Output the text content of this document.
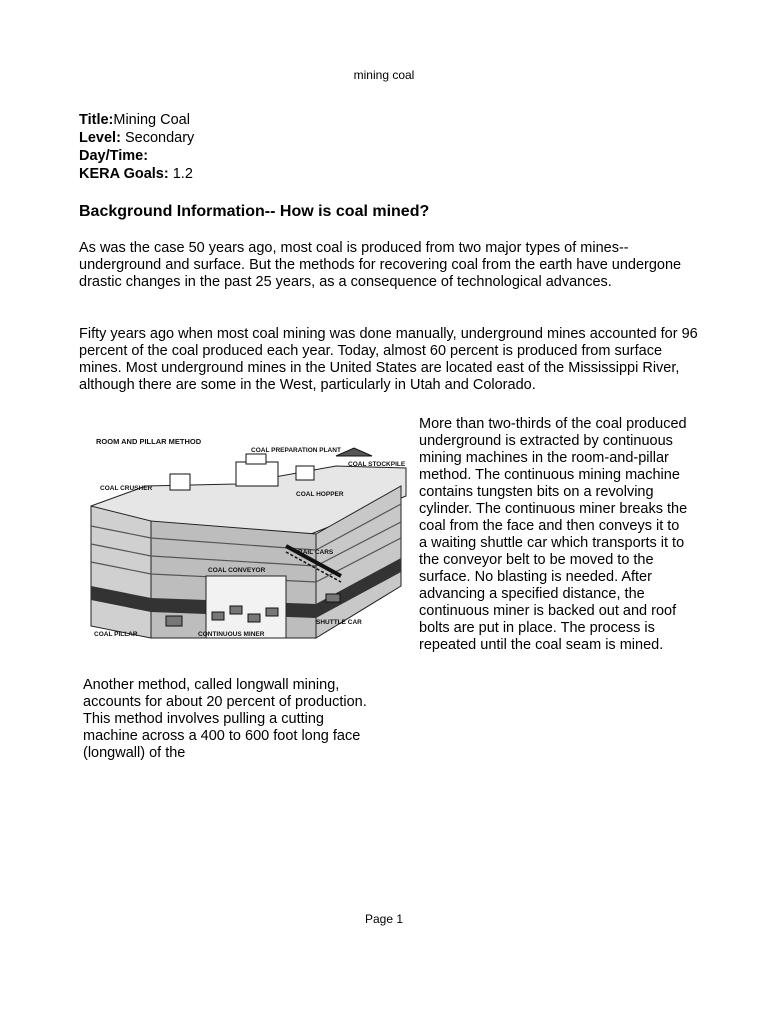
mining coal
Title:Mining Coal
Level: Secondary
Day/Time:
KERA Goals: 1.2
Background Information-- How is coal mined?

As was the case 50 years ago, most coal is produced from two major types of mines--underground and surface. But the methods for recovering coal from the earth have undergone drastic changes in the past 25 years, as a consequence of technological advances.

Fifty years ago when most coal mining was done manually, underground mines accounted for 96 percent of the coal produced each year. Today, almost 60 percent is produced from surface mines. Most underground mines in the United States are located east of the Mississippi River, although there are some in the West, particularly in Utah and Colorado.

ROOM AND PILLAR METHOD
COAL PREPARATION PLANT
COAL STOCKPILE
COAL CRUSHER
COAL HOPPER
RAIL CARS
COAL CONVEYOR
SHUTTLE CAR
COAL PILLAR	CONTINUOUS MINER

More than two-thirds of the coal produced underground is extracted by continuous mining machines in the room-and-pillar method. The continuous mining machine contains tungsten bits on a revolving cylinder. The continuous miner breaks the coal from the face and then conveys it to a waiting shuttle car which transports it to the conveyor belt to be moved to the surface. No blasting is needed. After advancing a specified distance, the continuous miner is backed out and roof bolts are put in place. The process is repeated until the coal seam is mined.

Another method, called longwall mining, accounts for about 20 percent of production. This method involves pulling a cutting machine across a 400 to 600 foot long face (longwall) of the

Page 1
